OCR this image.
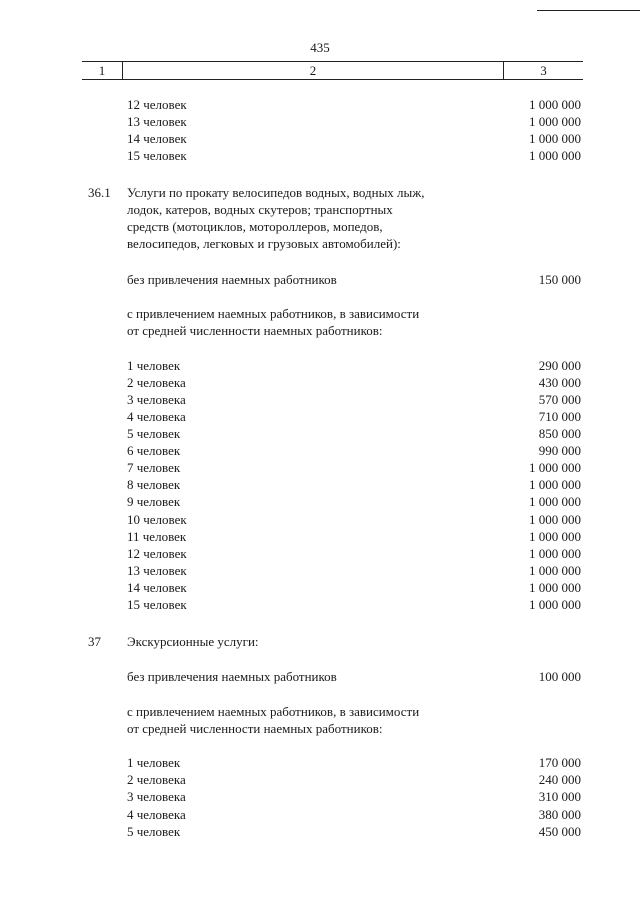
435
1	2	3
12 человек	1 000 000
13 человек	1 000 000
14 человек	1 000 000
15 человек	1 000 000
36.1 Услуги по прокату велосипедов водных, водных лыж,
лодок, катеров, водных скутеров; транспортных
средств (мотоциклов, мотороллеров, мопедов,
велосипедов, легковых и грузовых автомобилей):
без привлечения наемных работников	150 000
с привлечением наемных работников, в зависимости
от средней численности наемных работников:
1 человек	290 000
2 человека	430 000
3 человека	570 000
4 человека	710 000
5 человек	850 000
6 человек	990 000
7 человек	1 000 000
8 человек	1 000 000
9 человек	1 000 000
10 человек	1 000 000
11 человек	1 000 000
12 человек	1 000 000
13 человек	1 000 000
14 человек	1 000 000
15 человек	1 000 000
37 Экскурсионные услуги:
без привлечения наемных работников	100 000
с привлечением наемных работников, в зависимости
от средней численности наемных работников:
1 человек	170 000
2 человека	240 000
3 человека	310 000
4 человека	380 000
5 человек	450 000
